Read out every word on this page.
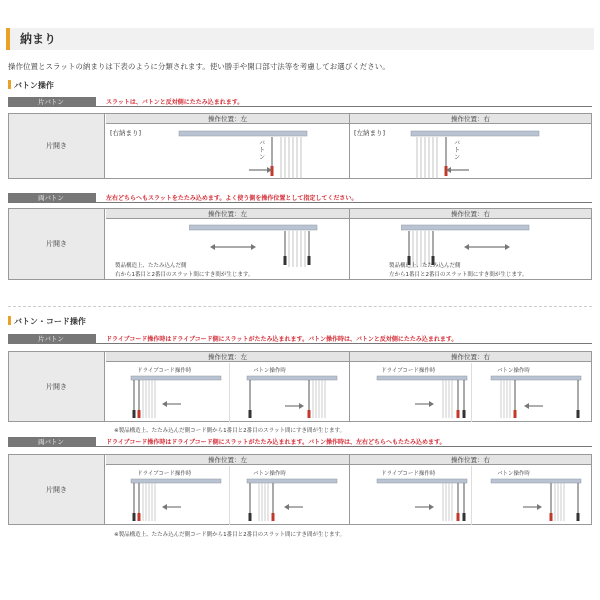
納まり
操作位置とスラットの納まりは下表のように分類されます。使い勝手や開口部寸法等を考慮してお選びください。
バトン操作
片バトン	スラットは、バトンと反対側にたたみ込まれます。
片開き
操作位置：左	操作位置：右
[右納まり]	[左納まり]
バトン
バトン
両バトン	左右どちらへもスラットをたたみ込めます。よく使う側を操作位置として指定してください。
片開き
操作位置：左	操作位置：右
製品構造上、たたみ込んだ側
右から1番目と2番目のスラット間にすき間が生じます。
製品構造上、たたみ込んだ側
左から1番目と2番目のスラット間にすき間が生じます。
バトン・コード操作
片バトン	ドライブコード操作時はドライブコード側にスラットがたたみ込まれます。バトン操作時は、バトンと反対側にたたみ込まれます。
片開き
操作位置：左	操作位置：右
ドライブコード操作時	バトン操作時	ドライブコード操作時	バトン操作時
※製品構造上、たたみ込んだ側コード側から1番目と2番目のスラット間にすき間が生じます。
両バトン	ドライブコード操作時はドライブコード側にスラットがたたみ込まれます。バトン操作時は、左右どちらへもたたみ込めます。
片開き
操作位置：左	操作位置：右
ドライブコード操作時	バトン操作時	ドライブコード操作時	バトン操作時
※製品構造上、たたみ込んだ側コード側から1番目と2番目のスラット間にすき間が生じます。
